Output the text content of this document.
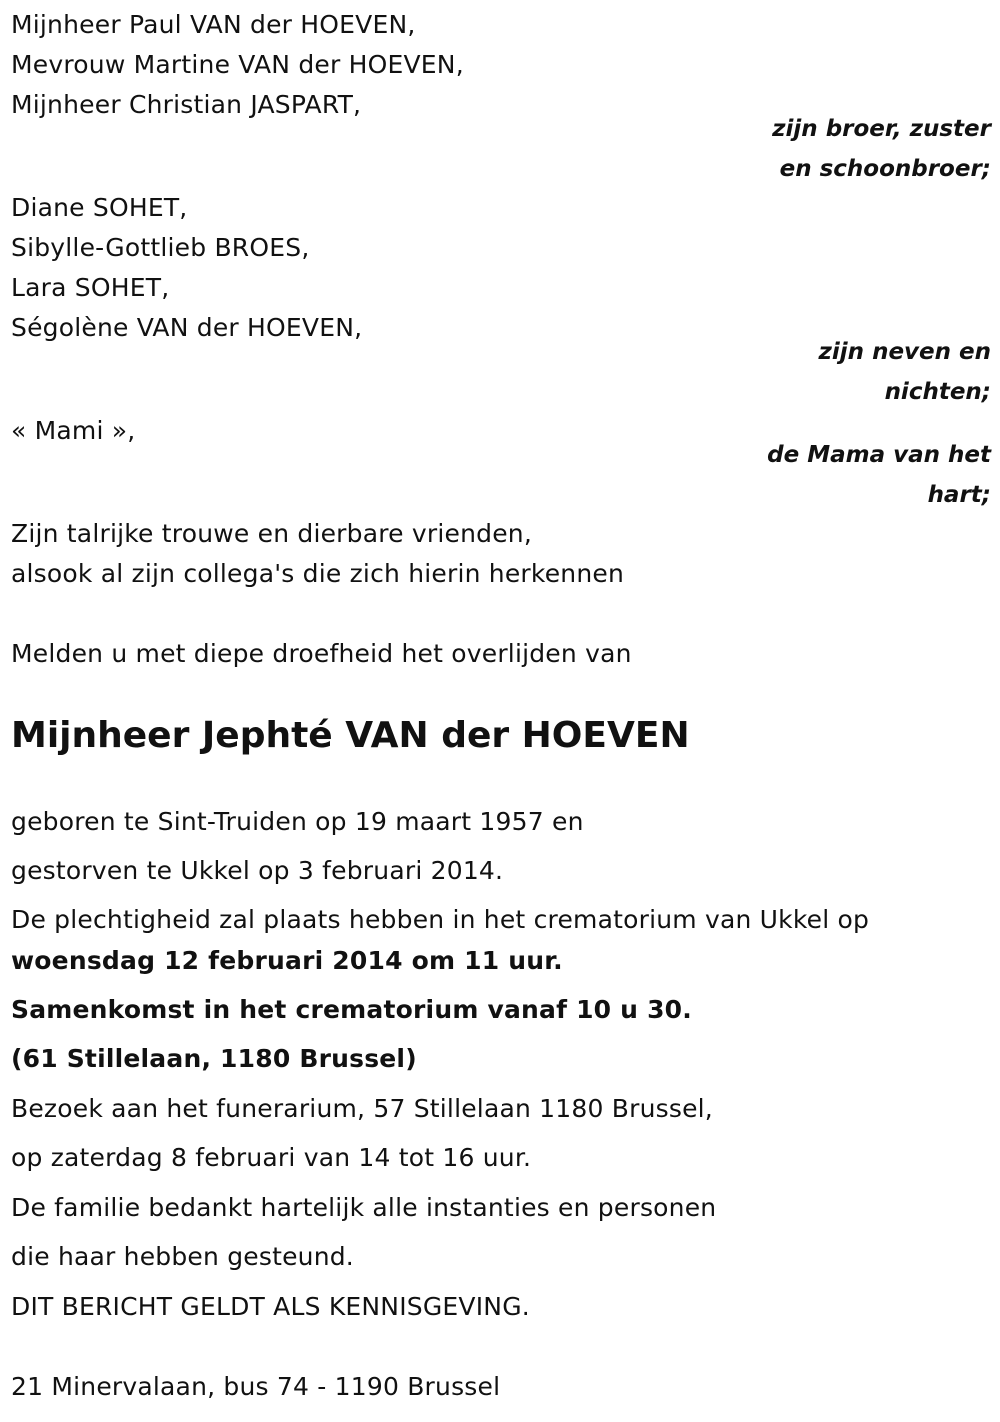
Mijnheer Paul VAN der HOEVEN,
Mevrouw Martine VAN der HOEVEN,
Mijnheer Christian JASPART,
zijn broer, zuster
en schoonbroer;
Diane SOHET,
Sibylle-Gottlieb BROES,
Lara SOHET,
Ségolène VAN der HOEVEN,
zijn neven en
nichten;
« Mami »,
de Mama van het
hart;
Zijn talrijke trouwe en dierbare vrienden,
alsook al zijn collega's die zich hierin herkennen
Melden u met diepe droefheid het overlijden van
Mijnheer Jephté VAN der HOEVEN
geboren te Sint-Truiden op 19 maart 1957 en
gestorven te Ukkel op 3 februari 2014.
De plechtigheid zal plaats hebben in het crematorium van Ukkel op
woensdag 12 februari 2014 om 11 uur.
Samenkomst in het crematorium vanaf 10 u 30.
(61 Stillelaan, 1180 Brussel)
Bezoek aan het funerarium, 57 Stillelaan 1180 Brussel,
op zaterdag 8 februari van 14 tot 16 uur.
De familie bedankt hartelijk alle instanties en personen
die haar hebben gesteund.
DIT BERICHT GELDT ALS KENNISGEVING.
21 Minervalaan, bus 74 - 1190 Brussel
